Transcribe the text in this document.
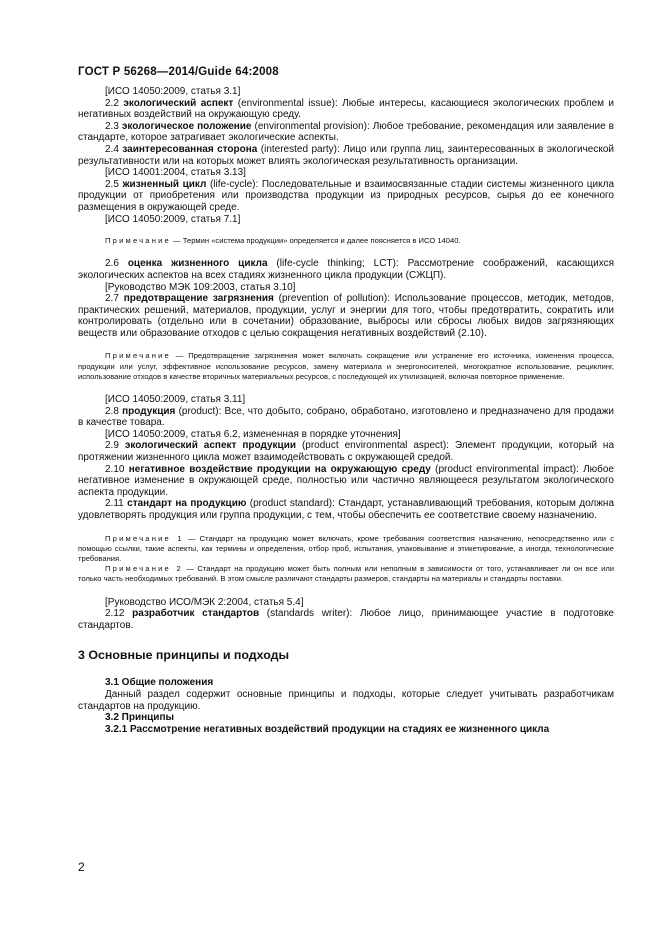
ГОСТ Р 56268—2014/Guide 64:2008

[ИСО 14050:2009, статья 3.1]

2.2 экологический аспект (environmental issue): Любые интересы, касающиеся экологических проблем и негативных воздействий на окружающую среду.

2.3 экологическое положение (environmental provision): Любое требование, рекомендация или заявление в стандарте, которое затрагивает экологические аспекты.

2.4 заинтересованная сторона (interested party): Лицо или группа лиц, заинтересованных в экологической результативности или на которых может влиять экологическая результативность организации.

[ИСО 14001:2004, статья 3.13]

2.5 жизненный цикл (life-cycle): Последовательные и взаимосвязанные стадии системы жизненного цикла продукции от приобретения или производства продукции из природных ресурсов, сырья до ее конечного размещения в окружающей среде.

[ИСО 14050:2009, статья 7.1]

Примечание — Термин «система продукции» определяется и далее поясняется в ИСО 14040.

2.6 оценка жизненного цикла (life-cycle thinking; LCT): Рассмотрение соображений, касающихся экологических аспектов на всех стадиях жизненного цикла продукции (СЖЦП).

[Руководство МЭК 109:2003, статья 3.10]

2.7 предотвращение загрязнения (prevention of pollution): Использование процессов, методик, методов, практических решений, материалов, продукции, услуг и энергии для того, чтобы предотвратить, сократить или контролировать (отдельно или в сочетании) образование, выбросы или сбросы любых видов загрязняющих веществ или образование отходов с целью сокращения негативных воздействий (2.10).

Примечание — Предотвращение загрязнения может включать сокращение или устранение его источника, изменения процесса, продукции или услуг, эффективное использование ресурсов, замену материала и энергоносителей, многократное использование, рециклинг, использование отходов в качестве вторичных материальных ресурсов, с последующей их утилизацией, включая повторное применение.

[ИСО 14050:2009, статья 3.11]

2.8 продукция (product): Все, что добыто, собрано, обработано, изготовлено и предназначено для продажи в качестве товара.

[ИСО 14050:2009, статья 6.2, измененная в порядке уточнения]

2.9 экологический аспект продукции (product environmental aspect): Элемент продукции, который на протяжении жизненного цикла может взаимодействовать с окружающей средой.

2.10 негативное воздействие продукции на окружающую среду (product environmental impact): Любое негативное изменение в окружающей среде, полностью или частично являющееся результатом экологического аспекта продукции.

2.11 стандарт на продукцию (product standard): Стандарт, устанавливающий требования, которым должна удовлетворять продукция или группа продукции, с тем, чтобы обеспечить ее соответствие своему назначению.

Примечание 1 — Стандарт на продукцию может включать, кроме требования соответствия назначению, непосредственно или с помощью ссылки, такие аспекты, как термины и определения, отбор проб, испытания, упаковывание и этикетирование, а иногда, технологические требования.

Примечание 2 — Стандарт на продукцию может быть полным или неполным в зависимости от того, устанавливает ли он все или только часть необходимых требований. В этом смысле различают стандарты размеров, стандарты на материалы и стандарты поставки.

[Руководство ИСО/МЭК 2:2004, статья 5.4]

2.12 разработчик стандартов (standards writer): Любое лицо, принимающее участие в подготовке стандартов.

3 Основные принципы и подходы

3.1 Общие положения

Данный раздел содержит основные принципы и подходы, которые следует учитывать разработчикам стандартов на продукцию.

3.2 Принципы

3.2.1 Рассмотрение негативных воздействий продукции на стадиях ее жизненного цикла

2
